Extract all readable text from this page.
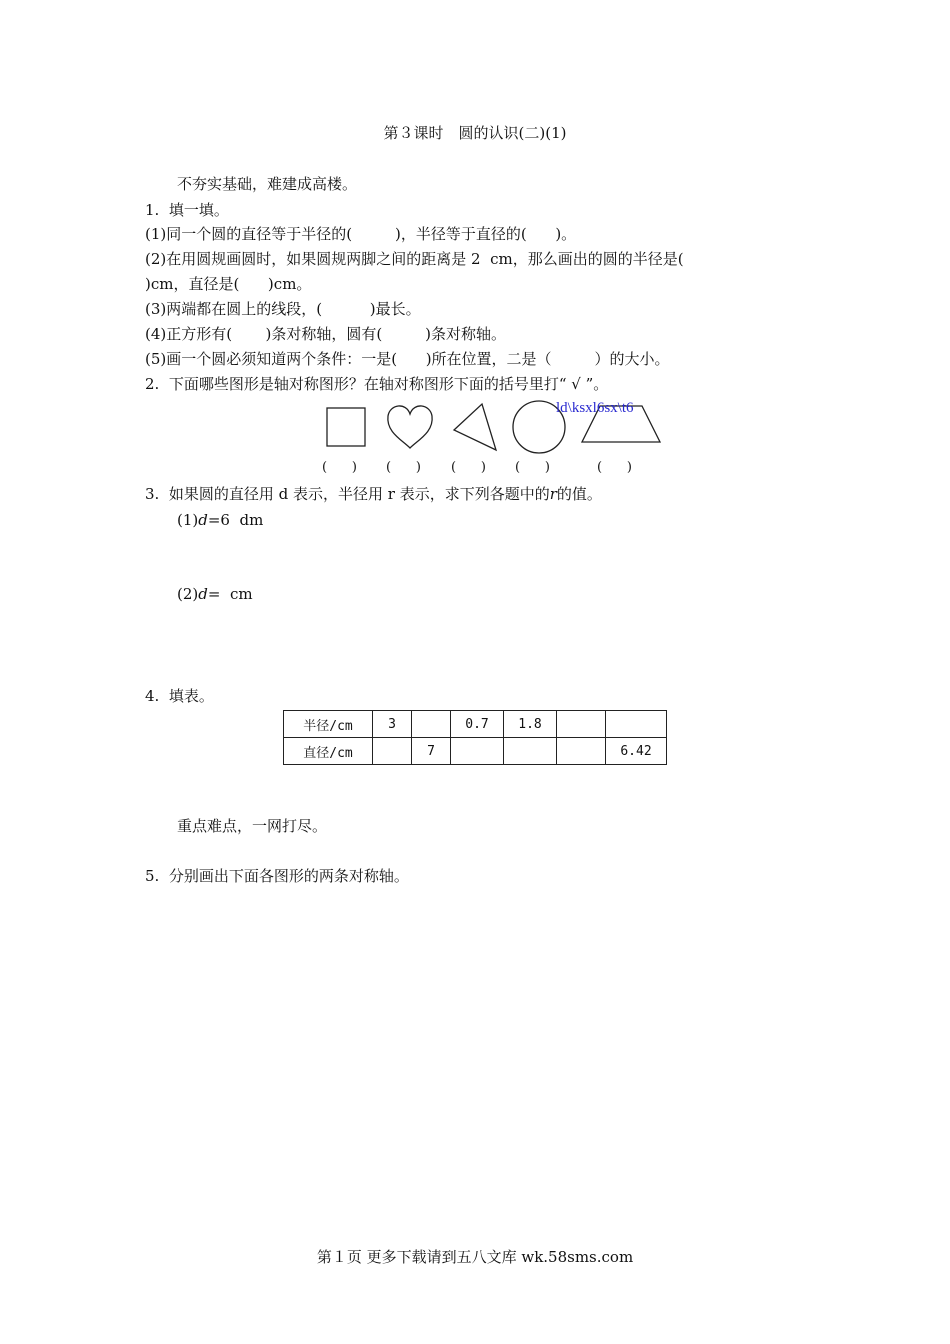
第３课时　圆的认识(二)(1)
不夯实基础，难建成高楼。
1.  填一填。
(1)同一个圆的直径等于半径的(         )，半径等于直径的(      )。
(2)在用圆规画圆时，如果圆规两脚之间的距离是 2  cm，那么画出的圆的半径是(
)cm，直径是(      )cm。
(3)两端都在圆上的线段，(          )最长。
(4)正方形有(       )条对称轴，圆有(         )条对称轴。
(5)画一个圆必须知道两个条件：一是(      )所在位置，二是（         ）的大小。
2.  下面哪些图形是轴对称图形？在轴对称图形下面的括号里打“ √ ”。
ld\ksxl6sx\t6
(      ) (      ) (      ) (      )	(      )
3.  如果圆的直径用 d 表示，半径用 r 表示，求下列各题中的r的值。
(1)d=6  dm
(2)d=  cm
4.  填表。
半径/cm	3		0.7	1.8		
直径/cm		7				6.42
重点难点，一网打尽。
5.  分别画出下面各图形的两条对称轴。
第１页 更多下载请到五八文库 wk.58sms.com
